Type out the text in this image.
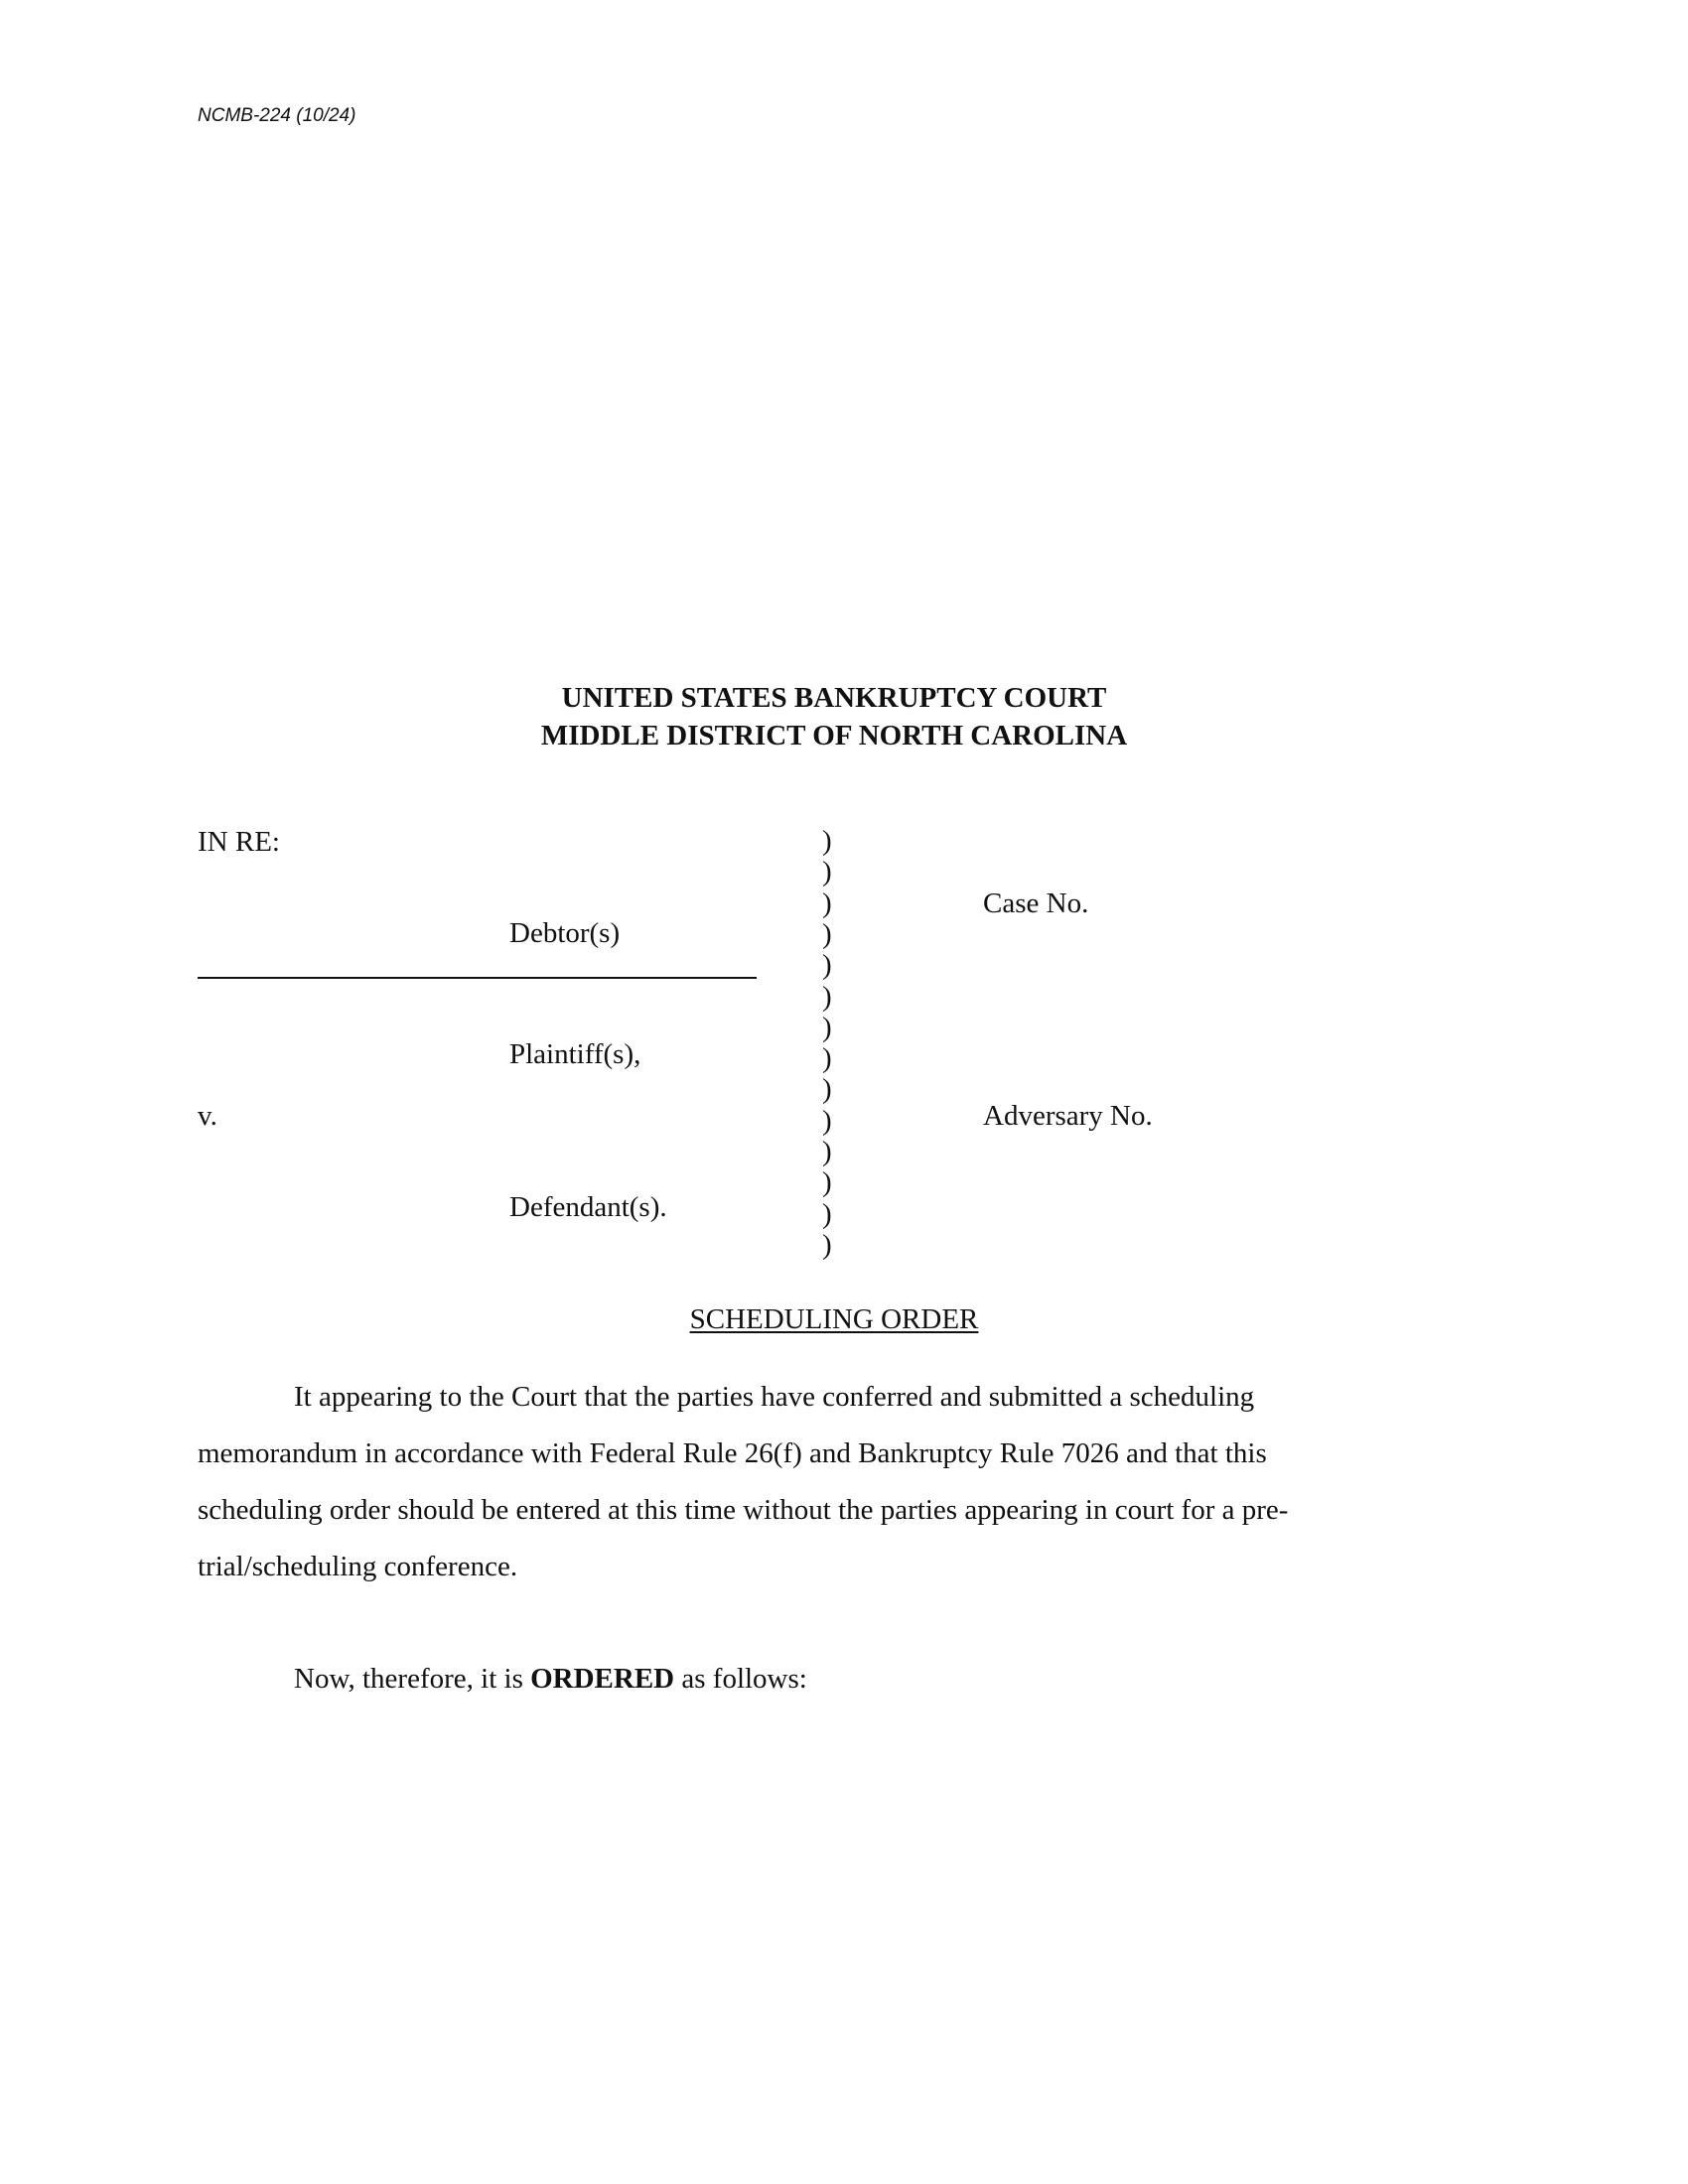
NCMB-224 (10/24)
UNITED STATES BANKRUPTCY COURT
MIDDLE DISTRICT OF NORTH CAROLINA
IN RE:
Debtor(s)
Plaintiff(s),
v.
Defendant(s).
)
)
)
)
)
)
)
)
)
)
)
)
)
)
Case No.
Adversary No.
SCHEDULING ORDER
It appearing to the Court that the parties have conferred and submitted a scheduling
memorandum in accordance with Federal Rule 26(f) and Bankruptcy Rule 7026 and that this
scheduling order should be entered at this time without the parties appearing in court for a pre-
trial/scheduling conference.
Now, therefore, it is ORDERED as follows:
